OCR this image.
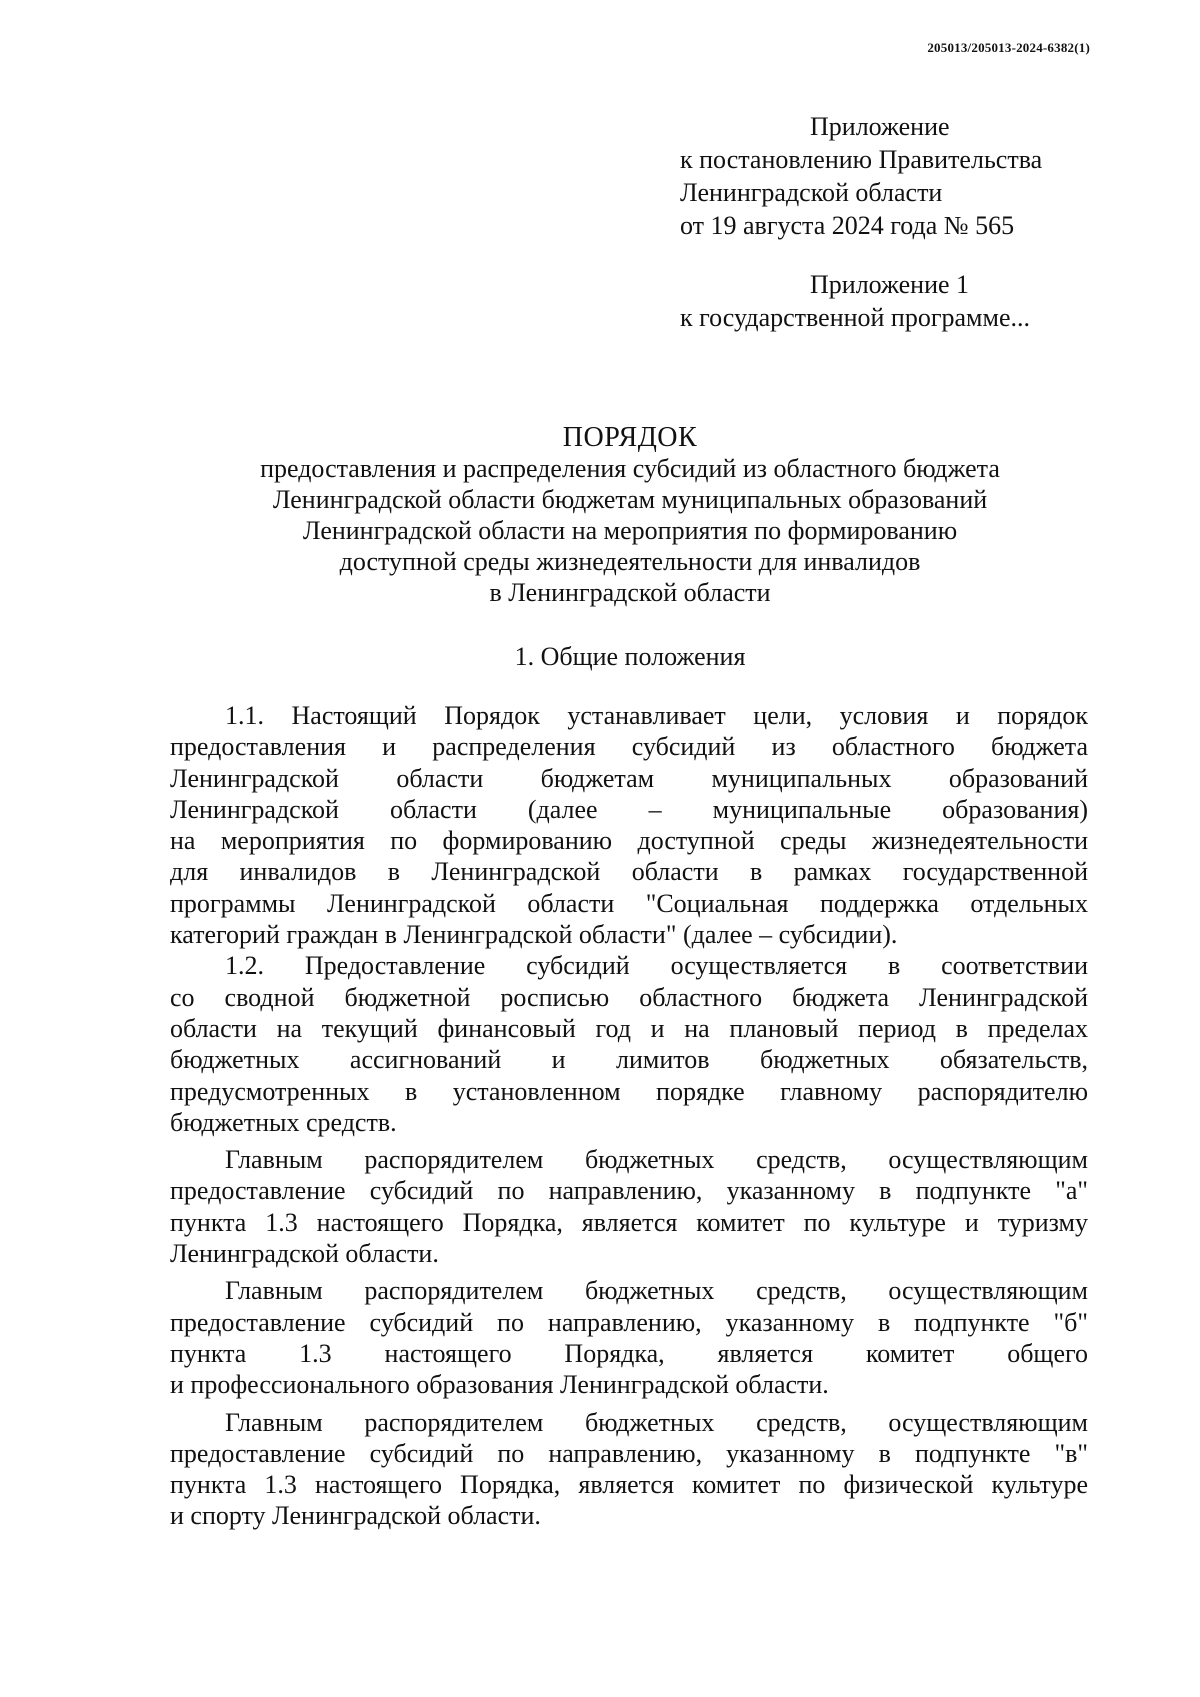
205013/205013-2024-6382(1)
Приложение
к постановлению Правительства
Ленинградской области
от 19 августа 2024 года № 565
Приложение 1
к государственной программе...
ПОРЯДОК
предоставления и распределения субсидий из областного бюджета
Ленинградской области бюджетам муниципальных образований
Ленинградской области на мероприятия по формированию
доступной среды жизнедеятельности для инвалидов
в Ленинградской области
1. Общие положения
1.1. Настоящий Порядок устанавливает цели, условия и порядок
предоставления и распределения субсидий из областного бюджета
Ленинградской области бюджетам муниципальных образований
Ленинградской области (далее – муниципальные образования)
на мероприятия по формированию доступной среды жизнедеятельности
для инвалидов в Ленинградской области в рамках государственной
программы Ленинградской области "Социальная поддержка отдельных
категорий граждан в Ленинградской области" (далее – субсидии).
1.2. Предоставление субсидий осуществляется в соответствии
со сводной бюджетной росписью областного бюджета Ленинградской
области на текущий финансовый год и на плановый период в пределах
бюджетных ассигнований и лимитов бюджетных обязательств,
предусмотренных в установленном порядке главному распорядителю
бюджетных средств.
Главным распорядителем бюджетных средств, осуществляющим
предоставление субсидий по направлению, указанному в подпункте "а"
пункта 1.3 настоящего Порядка, является комитет по культуре и туризму
Ленинградской области.
Главным распорядителем бюджетных средств, осуществляющим
предоставление субсидий по направлению, указанному в подпункте "б"
пункта 1.3 настоящего Порядка, является комитет общего
и профессионального образования Ленинградской области.
Главным распорядителем бюджетных средств, осуществляющим
предоставление субсидий по направлению, указанному в подпункте "в"
пункта 1.3 настоящего Порядка, является комитет по физической культуре
и спорту Ленинградской области.
